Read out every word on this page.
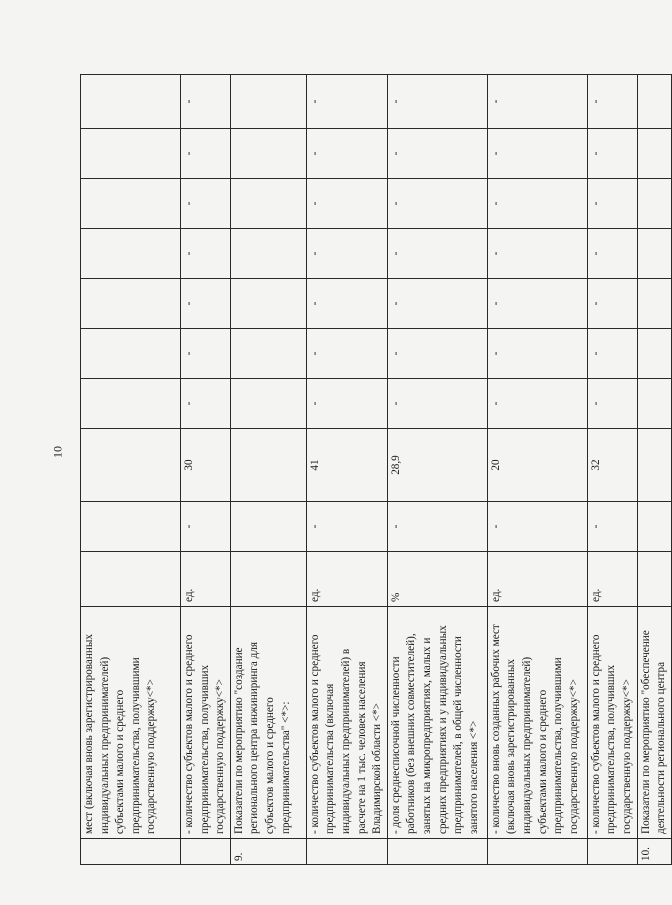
10
	мест (включая вновь зарегистрированных индивидуальных предпринимателей) субъектами малого и среднего предпринимательства, получившими государственную поддержку<*>										
	- количество субъектов малого и среднего предпринимательства, получивших государственную поддержку<*>	ед.	-	30	-	-	-	-	-	-	-
9.	Показатели по мероприятию "создание регионального центра инжиниринга для субъектов малого и среднего предпринимательства" <*>:										
	- количество субъектов малого и среднего предпринимательства (включая индивидуальных предпринимателей) в расчете на 1 тыс. человек населения Владимирской области <*>	ед.	-	41	-	-	-	-	-	-	-
	- доля среднесписочной численности работников (без внешних совместителей), занятых на микропредприятиях, малых и средних предприятиях и у индивидуальных предпринимателей, в общей численности занятого населения <*>	%	-	28,9	-	-	-	-	-	-	-
	- количество вновь созданных рабочих мест (включая вновь зарегистрированных индивидуальных предпринимателей) субъектами малого и среднего предпринимательства, получившими государственную поддержку<*>	ед.	-	20	-	-	-	-	-	-	-
	- количество субъектов малого и среднего предпринимательства, получивших государственную поддержку<*>	ед.	-	32	-	-	-	-	-	-	-
10.	Показатели по мероприятию "обеспечение деятельности регионального центра										
